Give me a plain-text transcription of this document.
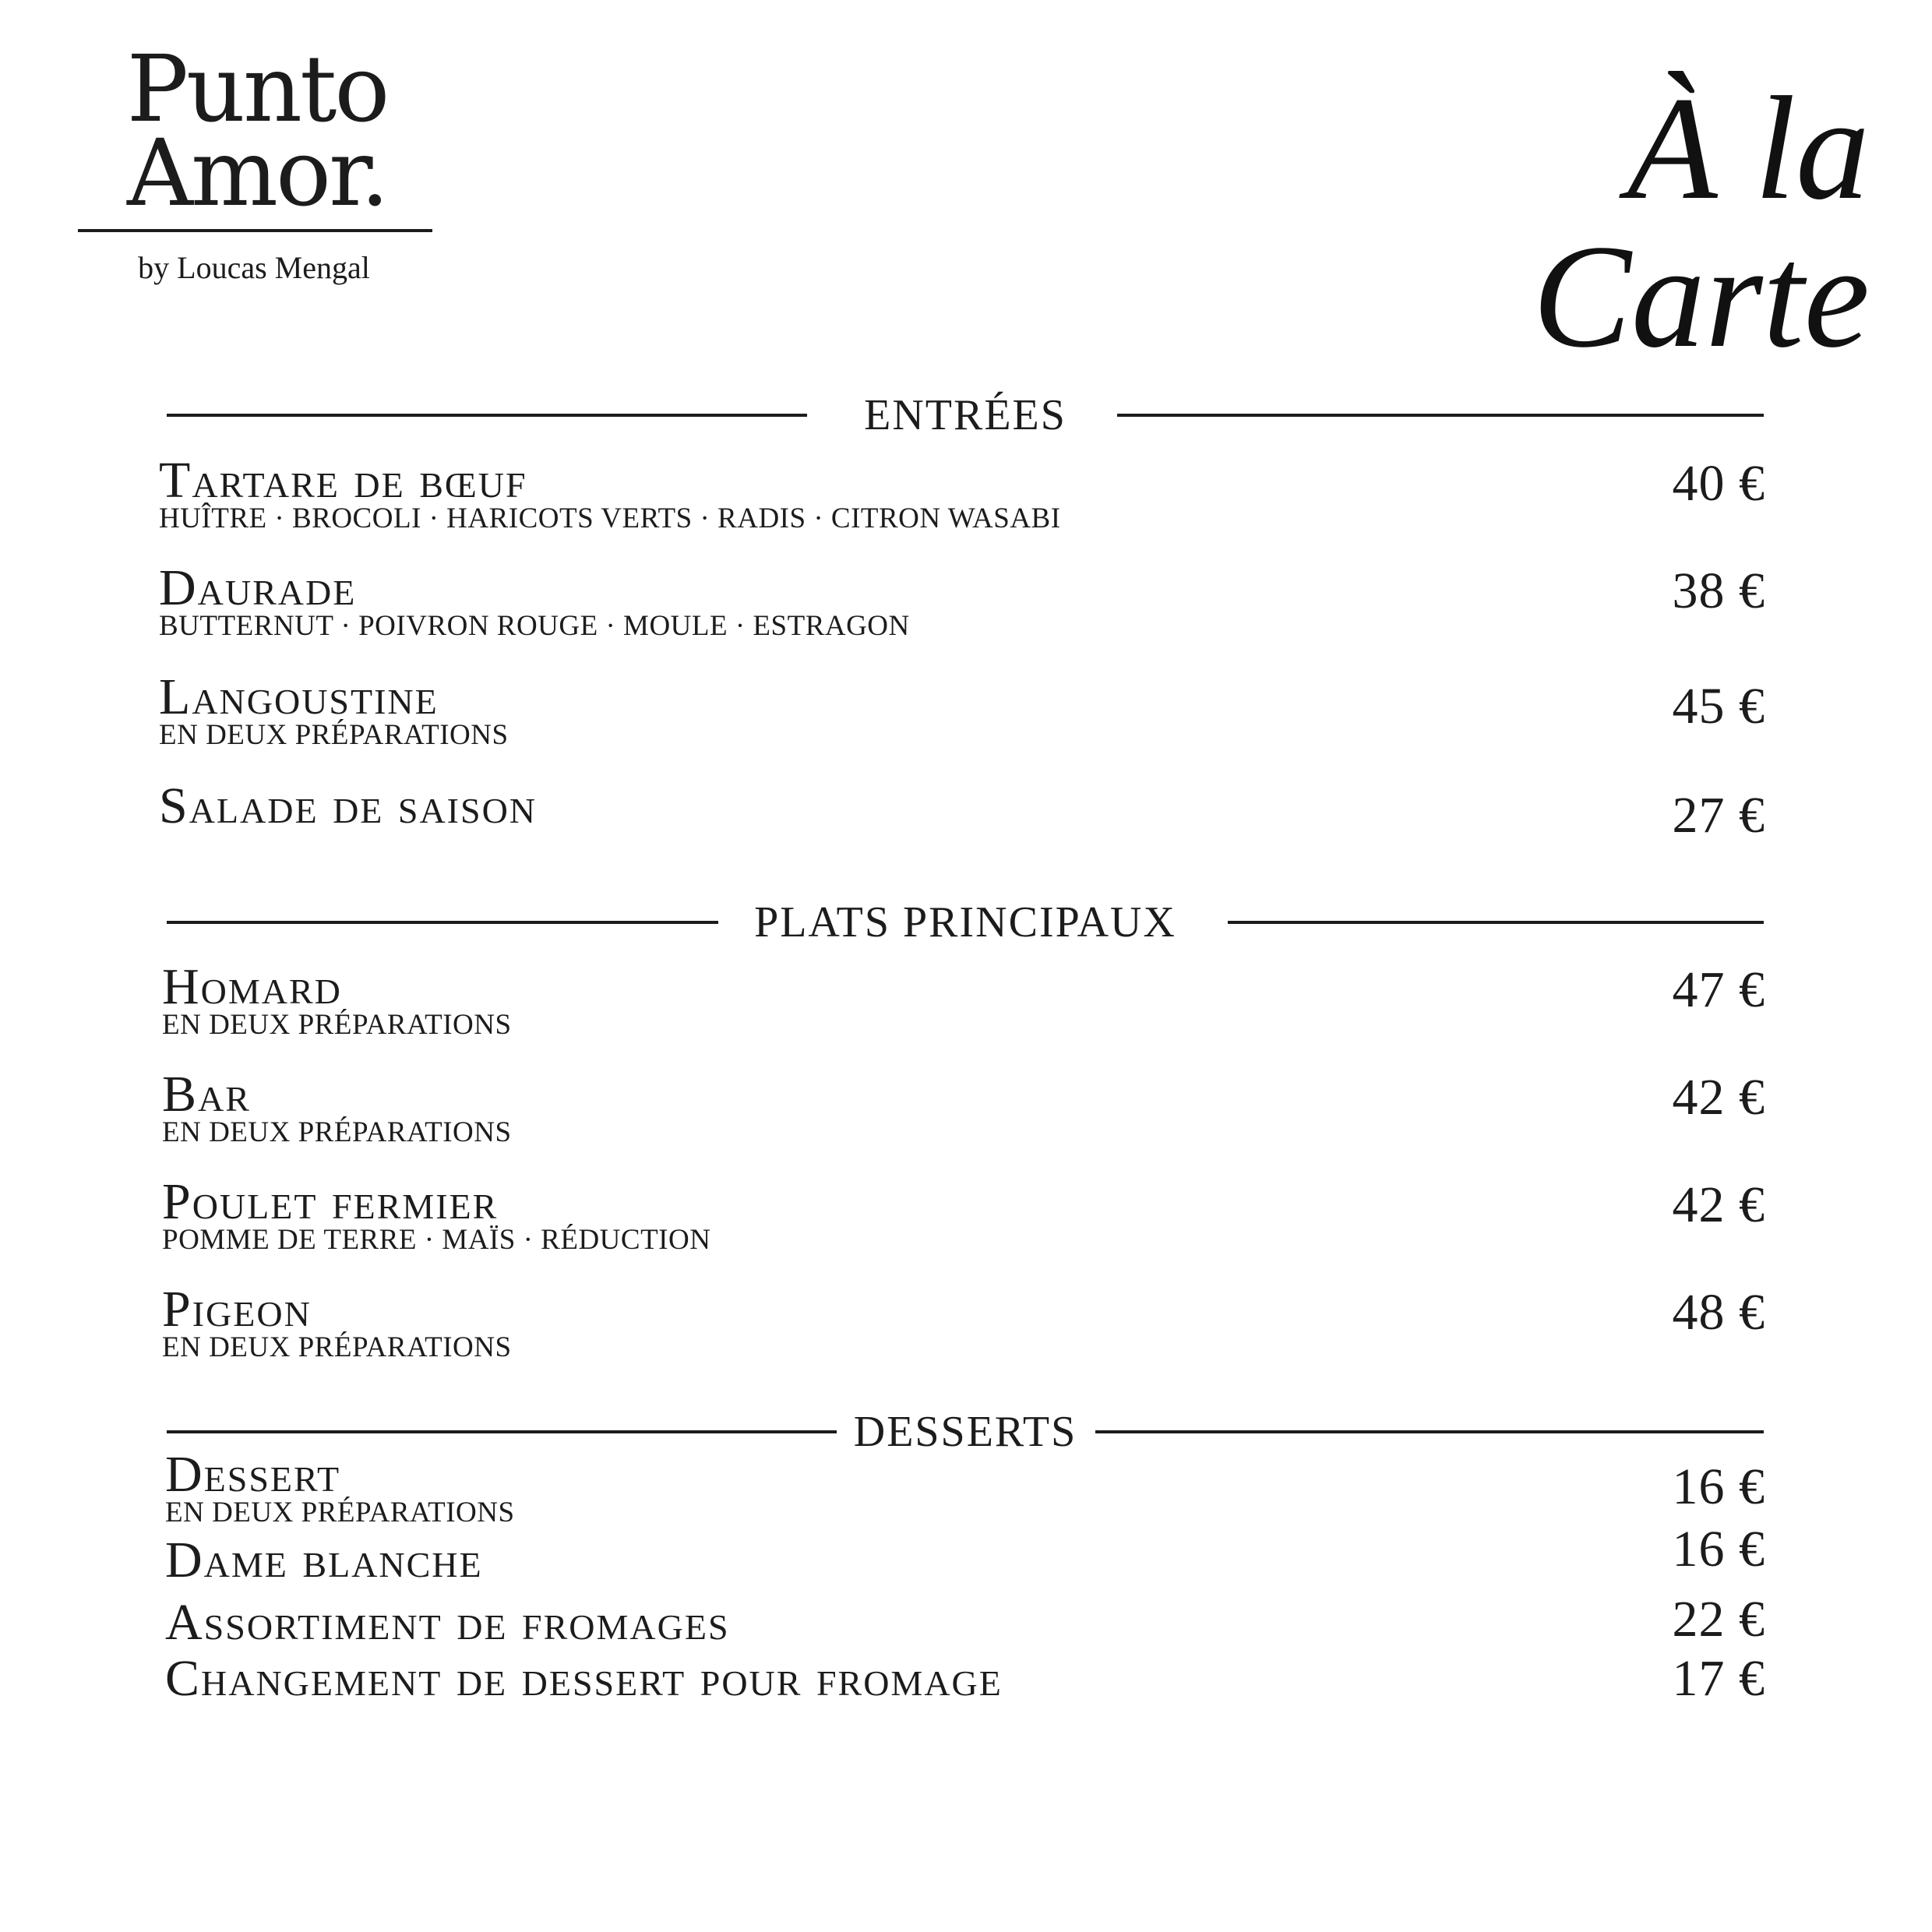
Punto
Amor.
by Loucas Mengal
À la Carte
ENTRÉES
Tartare de bœuf
HUÎTRE · BROCOLI · HARICOTS VERTS · RADIS · CITRON WASABI
40 €
Daurade
BUTTERNUT · POIVRON ROUGE · MOULE · ESTRAGON
38 €
Langoustine
EN DEUX PRÉPARATIONS
45 €
Salade de saison	27 €
PLATS PRINCIPAUX
Homard
EN DEUX PRÉPARATIONS
47 €
Bar
EN DEUX PRÉPARATIONS
42 €
Poulet fermier
POMME DE TERRE · MAÏS · RÉDUCTION
42 €
Pigeon
EN DEUX PRÉPARATIONS
48 €
DESSERTS
Dessert
EN DEUX PRÉPARATIONS	16 €
Dame blanche	16 €
Assortiment de fromages	22 €
Changement de dessert pour fromage	17 €
